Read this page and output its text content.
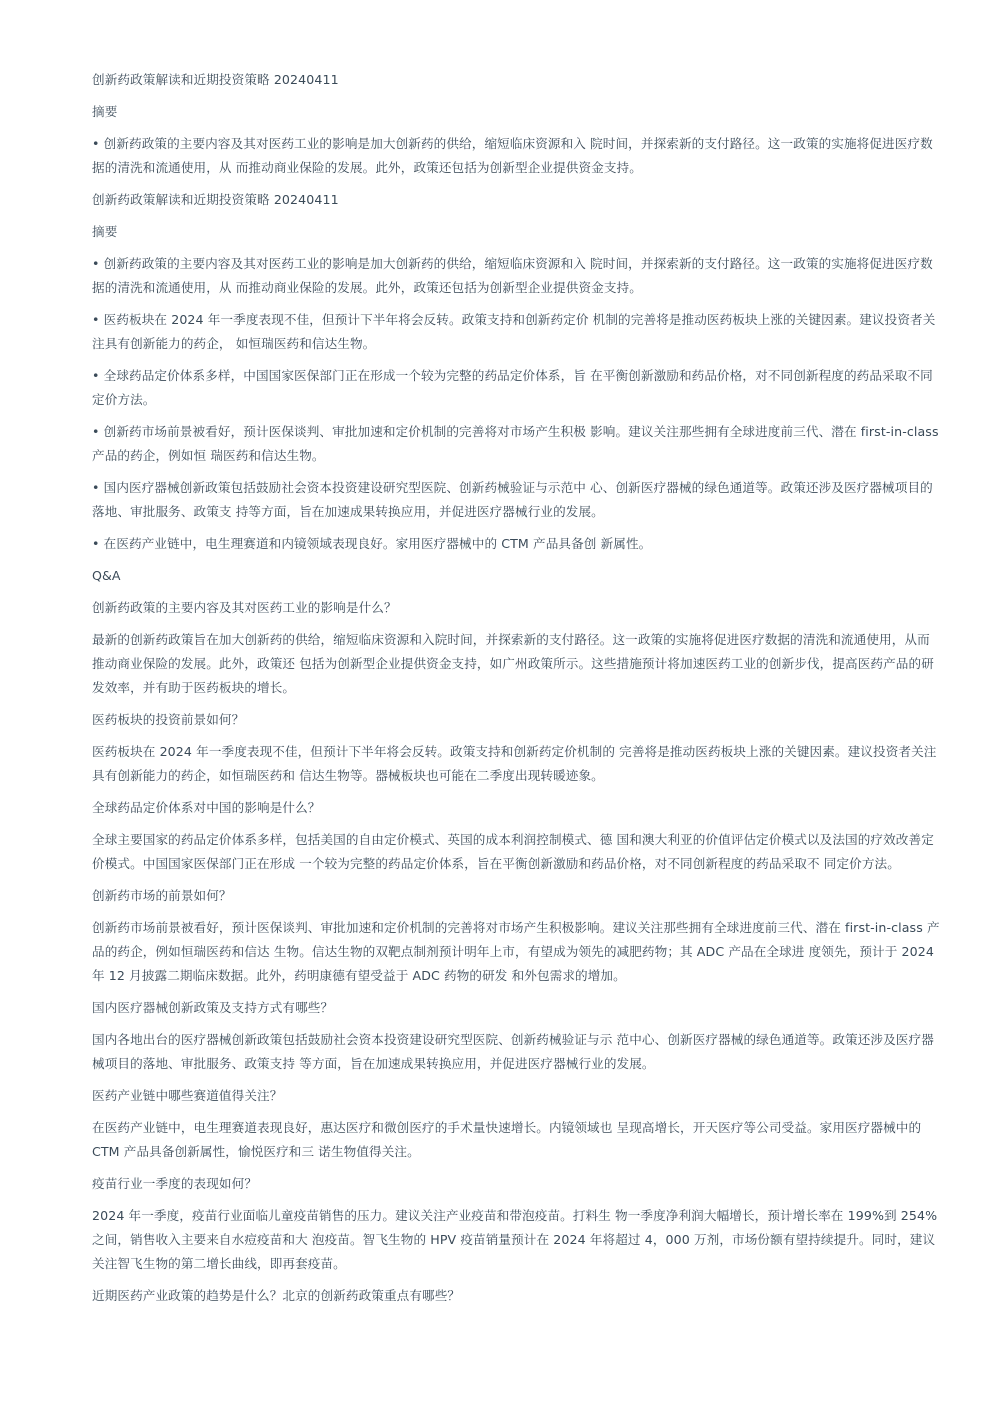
创新药政策解读和近期投资策略 20240411

摘要

• 创新药政策的主要内容及其对医药工业的影响是加大创新药的供给，缩短临床资源和入 院时间，并探索新的支付路径。这一政策的实施将促进医疗数据的清洗和流通使用，从 而推动商业保险的发展。此外，政策还包括为创新型企业提供资金支持。

创新药政策解读和近期投资策略 20240411

摘要

• 创新药政策的主要内容及其对医药工业的影响是加大创新药的供给，缩短临床资源和入 院时间，并探索新的支付路径。这一政策的实施将促进医疗数据的清洗和流通使用，从 而推动商业保险的发展。此外，政策还包括为创新型企业提供资金支持。

• 医药板块在 2024 年一季度表现不佳，但预计下半年将会反转。政策支持和创新药定价 机制的完善将是推动医药板块上涨的关键因素。建议投资者关注具有创新能力的药企， 如恒瑞医药和信达生物。

• 全球药品定价体系多样，中国国家医保部门正在形成一个较为完整的药品定价体系，旨 在平衡创新激励和药品价格，对不同创新程度的药品采取不同定价方法。

• 创新药市场前景被看好，预计医保谈判、审批加速和定价机制的完善将对市场产生积极 影响。建议关注那些拥有全球进度前三代、潜在 first-in-class 产品的药企，例如恒 瑞医药和信达生物。

• 国内医疗器械创新政策包括鼓励社会资本投资建设研究型医院、创新药械验证与示范中 心、创新医疗器械的绿色通道等。政策还涉及医疗器械项目的落地、审批服务、政策支 持等方面，旨在加速成果转换应用，并促进医疗器械行业的发展。

• 在医药产业链中，电生理赛道和内镜领域表现良好。家用医疗器械中的 CTM 产品具备创 新属性。

Q&A

创新药政策的主要内容及其对医药工业的影响是什么？

最新的创新药政策旨在加大创新药的供给，缩短临床资源和入院时间，并探索新的支付路径。这一政策的实施将促进医疗数据的清洗和流通使用，从而推动商业保险的发展。此外，政策还 包括为创新型企业提供资金支持，如广州政策所示。这些措施预计将加速医药工业的创新步伐，提高医药产品的研发效率，并有助于医药板块的增长。

医药板块的投资前景如何？

医药板块在 2024 年一季度表现不佳，但预计下半年将会反转。政策支持和创新药定价机制的 完善将是推动医药板块上涨的关键因素。建议投资者关注具有创新能力的药企，如恒瑞医药和 信达生物等。器械板块也可能在二季度出现转暖迹象。

全球药品定价体系对中国的影响是什么？

全球主要国家的药品定价体系多样，包括美国的自由定价模式、英国的成本利润控制模式、德 国和澳大利亚的价值评估定价模式以及法国的疗效改善定价模式。中国国家医保部门正在形成 一个较为完整的药品定价体系，旨在平衡创新激励和药品价格，对不同创新程度的药品采取不 同定价方法。

创新药市场的前景如何？

创新药市场前景被看好，预计医保谈判、审批加速和定价机制的完善将对市场产生积极影响。建议关注那些拥有全球进度前三代、潜在 first-in-class 产品的药企，例如恒瑞医药和信达 生物。信达生物的双靶点制剂预计明年上市，有望成为领先的减肥药物；其 ADC 产品在全球进 度领先，预计于 2024 年 12 月披露二期临床数据。此外，药明康德有望受益于 ADC 药物的研发 和外包需求的增加。

国内医疗器械创新政策及支持方式有哪些？

国内各地出台的医疗器械创新政策包括鼓励社会资本投资建设研究型医院、创新药械验证与示 范中心、创新医疗器械的绿色通道等。政策还涉及医疗器 械项目的落地、审批服务、政策支持 等方面，旨在加速成果转换应用，并促进医疗器械行业的发展。

医药产业链中哪些赛道值得关注？

在医药产业链中，电生理赛道表现良好，惠达医疗和微创医疗的手术量快速增长。内镜领域也 呈现高增长，开天医疗等公司受益。家用医疗器械中的 CTM 产品具备创新属性，愉悦医疗和三 诺生物值得关注。

疫苗行业一季度的表现如何？

2024 年一季度，疫苗行业面临儿童疫苗销售的压力。建议关注产业疫苗和带泡疫苗。打料生 物一季度净利润大幅增长，预计增长率在 199%到 254%之间，销售收入主要来自水痘疫苗和大 泡疫苗。智飞生物的 HPV 疫苗销量预计在 2024 年将超过 4，000 万剂，市场份额有望持续提升。同时，建议关注智飞生物的第二增长曲线，即再套疫苗。

近期医药产业政策的趋势是什么？北京的创新药政策重点有哪些？
